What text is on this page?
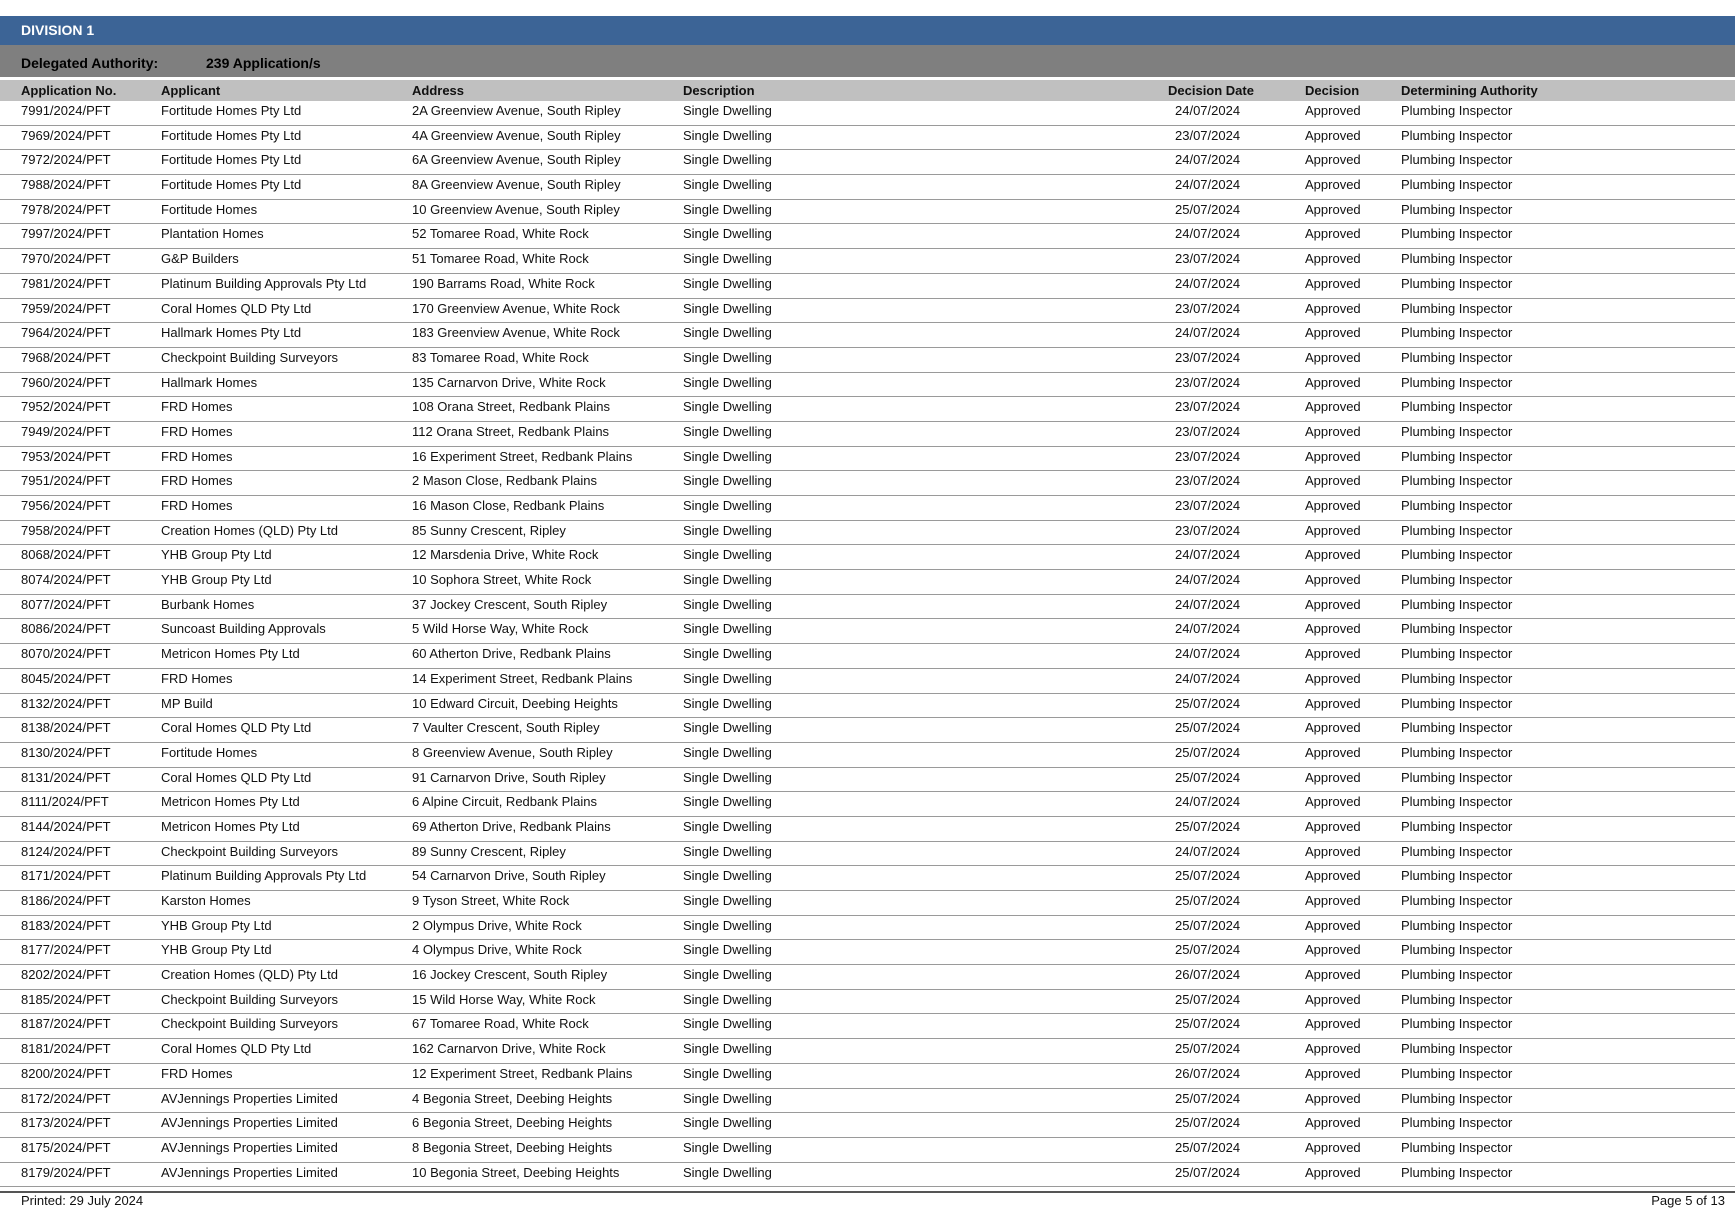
DIVISION 1
Delegated Authority:	239 Application/s
Application No.	Applicant	Address	Description	Decision Date	Decision	Determining Authority
7991/2024/PFT	Fortitude Homes Pty Ltd	2A Greenview Avenue, South Ripley	Single Dwelling	24/07/2024	Approved	Plumbing Inspector
7969/2024/PFT	Fortitude Homes Pty Ltd	4A Greenview Avenue, South Ripley	Single Dwelling	23/07/2024	Approved	Plumbing Inspector
7972/2024/PFT	Fortitude Homes Pty Ltd	6A Greenview Avenue, South Ripley	Single Dwelling	24/07/2024	Approved	Plumbing Inspector
7988/2024/PFT	Fortitude Homes Pty Ltd	8A Greenview Avenue, South Ripley	Single Dwelling	24/07/2024	Approved	Plumbing Inspector
7978/2024/PFT	Fortitude Homes	10 Greenview Avenue, South Ripley	Single Dwelling	25/07/2024	Approved	Plumbing Inspector
7997/2024/PFT	Plantation Homes	52 Tomaree Road, White Rock	Single Dwelling	24/07/2024	Approved	Plumbing Inspector
7970/2024/PFT	G&P Builders	51 Tomaree Road, White Rock	Single Dwelling	23/07/2024	Approved	Plumbing Inspector
7981/2024/PFT	Platinum Building Approvals Pty Ltd	190 Barrams Road, White Rock	Single Dwelling	24/07/2024	Approved	Plumbing Inspector
7959/2024/PFT	Coral Homes QLD Pty Ltd	170 Greenview Avenue, White Rock	Single Dwelling	23/07/2024	Approved	Plumbing Inspector
7964/2024/PFT	Hallmark Homes Pty Ltd	183 Greenview Avenue, White Rock	Single Dwelling	24/07/2024	Approved	Plumbing Inspector
7968/2024/PFT	Checkpoint Building Surveyors	83 Tomaree Road, White Rock	Single Dwelling	23/07/2024	Approved	Plumbing Inspector
7960/2024/PFT	Hallmark Homes	135 Carnarvon Drive, White Rock	Single Dwelling	23/07/2024	Approved	Plumbing Inspector
7952/2024/PFT	FRD Homes	108 Orana Street, Redbank Plains	Single Dwelling	23/07/2024	Approved	Plumbing Inspector
7949/2024/PFT	FRD Homes	112 Orana Street, Redbank Plains	Single Dwelling	23/07/2024	Approved	Plumbing Inspector
7953/2024/PFT	FRD Homes	16 Experiment Street, Redbank Plains	Single Dwelling	23/07/2024	Approved	Plumbing Inspector
7951/2024/PFT	FRD Homes	2 Mason Close, Redbank Plains	Single Dwelling	23/07/2024	Approved	Plumbing Inspector
7956/2024/PFT	FRD Homes	16 Mason Close, Redbank Plains	Single Dwelling	23/07/2024	Approved	Plumbing Inspector
7958/2024/PFT	Creation Homes (QLD) Pty Ltd	85 Sunny Crescent, Ripley	Single Dwelling	23/07/2024	Approved	Plumbing Inspector
8068/2024/PFT	YHB Group Pty Ltd	12 Marsdenia Drive, White Rock	Single Dwelling	24/07/2024	Approved	Plumbing Inspector
8074/2024/PFT	YHB Group Pty Ltd	10 Sophora Street, White Rock	Single Dwelling	24/07/2024	Approved	Plumbing Inspector
8077/2024/PFT	Burbank Homes	37 Jockey Crescent, South Ripley	Single Dwelling	24/07/2024	Approved	Plumbing Inspector
8086/2024/PFT	Suncoast Building Approvals	5 Wild Horse Way, White Rock	Single Dwelling	24/07/2024	Approved	Plumbing Inspector
8070/2024/PFT	Metricon Homes Pty Ltd	60 Atherton Drive, Redbank Plains	Single Dwelling	24/07/2024	Approved	Plumbing Inspector
8045/2024/PFT	FRD Homes	14 Experiment Street, Redbank Plains	Single Dwelling	24/07/2024	Approved	Plumbing Inspector
8132/2024/PFT	MP Build	10 Edward Circuit, Deebing Heights	Single Dwelling	25/07/2024	Approved	Plumbing Inspector
8138/2024/PFT	Coral Homes QLD Pty Ltd	7 Vaulter Crescent, South Ripley	Single Dwelling	25/07/2024	Approved	Plumbing Inspector
8130/2024/PFT	Fortitude Homes	8 Greenview Avenue, South Ripley	Single Dwelling	25/07/2024	Approved	Plumbing Inspector
8131/2024/PFT	Coral Homes QLD Pty Ltd	91 Carnarvon Drive, South Ripley	Single Dwelling	25/07/2024	Approved	Plumbing Inspector
8111/2024/PFT	Metricon Homes Pty Ltd	6 Alpine Circuit, Redbank Plains	Single Dwelling	24/07/2024	Approved	Plumbing Inspector
8144/2024/PFT	Metricon Homes Pty Ltd	69 Atherton Drive, Redbank Plains	Single Dwelling	25/07/2024	Approved	Plumbing Inspector
8124/2024/PFT	Checkpoint Building Surveyors	89 Sunny Crescent, Ripley	Single Dwelling	24/07/2024	Approved	Plumbing Inspector
8171/2024/PFT	Platinum Building Approvals Pty Ltd	54 Carnarvon Drive, South Ripley	Single Dwelling	25/07/2024	Approved	Plumbing Inspector
8186/2024/PFT	Karston Homes	9 Tyson Street, White Rock	Single Dwelling	25/07/2024	Approved	Plumbing Inspector
8183/2024/PFT	YHB Group Pty Ltd	2 Olympus Drive, White Rock	Single Dwelling	25/07/2024	Approved	Plumbing Inspector
8177/2024/PFT	YHB Group Pty Ltd	4 Olympus Drive, White Rock	Single Dwelling	25/07/2024	Approved	Plumbing Inspector
8202/2024/PFT	Creation Homes (QLD) Pty Ltd	16 Jockey Crescent, South Ripley	Single Dwelling	26/07/2024	Approved	Plumbing Inspector
8185/2024/PFT	Checkpoint Building Surveyors	15 Wild Horse Way, White Rock	Single Dwelling	25/07/2024	Approved	Plumbing Inspector
8187/2024/PFT	Checkpoint Building Surveyors	67 Tomaree Road, White Rock	Single Dwelling	25/07/2024	Approved	Plumbing Inspector
8181/2024/PFT	Coral Homes QLD Pty Ltd	162 Carnarvon Drive, White Rock	Single Dwelling	25/07/2024	Approved	Plumbing Inspector
8200/2024/PFT	FRD Homes	12 Experiment Street, Redbank Plains	Single Dwelling	26/07/2024	Approved	Plumbing Inspector
8172/2024/PFT	AVJennings Properties Limited	4 Begonia Street, Deebing Heights	Single Dwelling	25/07/2024	Approved	Plumbing Inspector
8173/2024/PFT	AVJennings Properties Limited	6 Begonia Street, Deebing Heights	Single Dwelling	25/07/2024	Approved	Plumbing Inspector
8175/2024/PFT	AVJennings Properties Limited	8 Begonia Street, Deebing Heights	Single Dwelling	25/07/2024	Approved	Plumbing Inspector
8179/2024/PFT	AVJennings Properties Limited	10 Begonia Street, Deebing Heights	Single Dwelling	25/07/2024	Approved	Plumbing Inspector
Printed: 29 July 2024	Page 5 of 13
